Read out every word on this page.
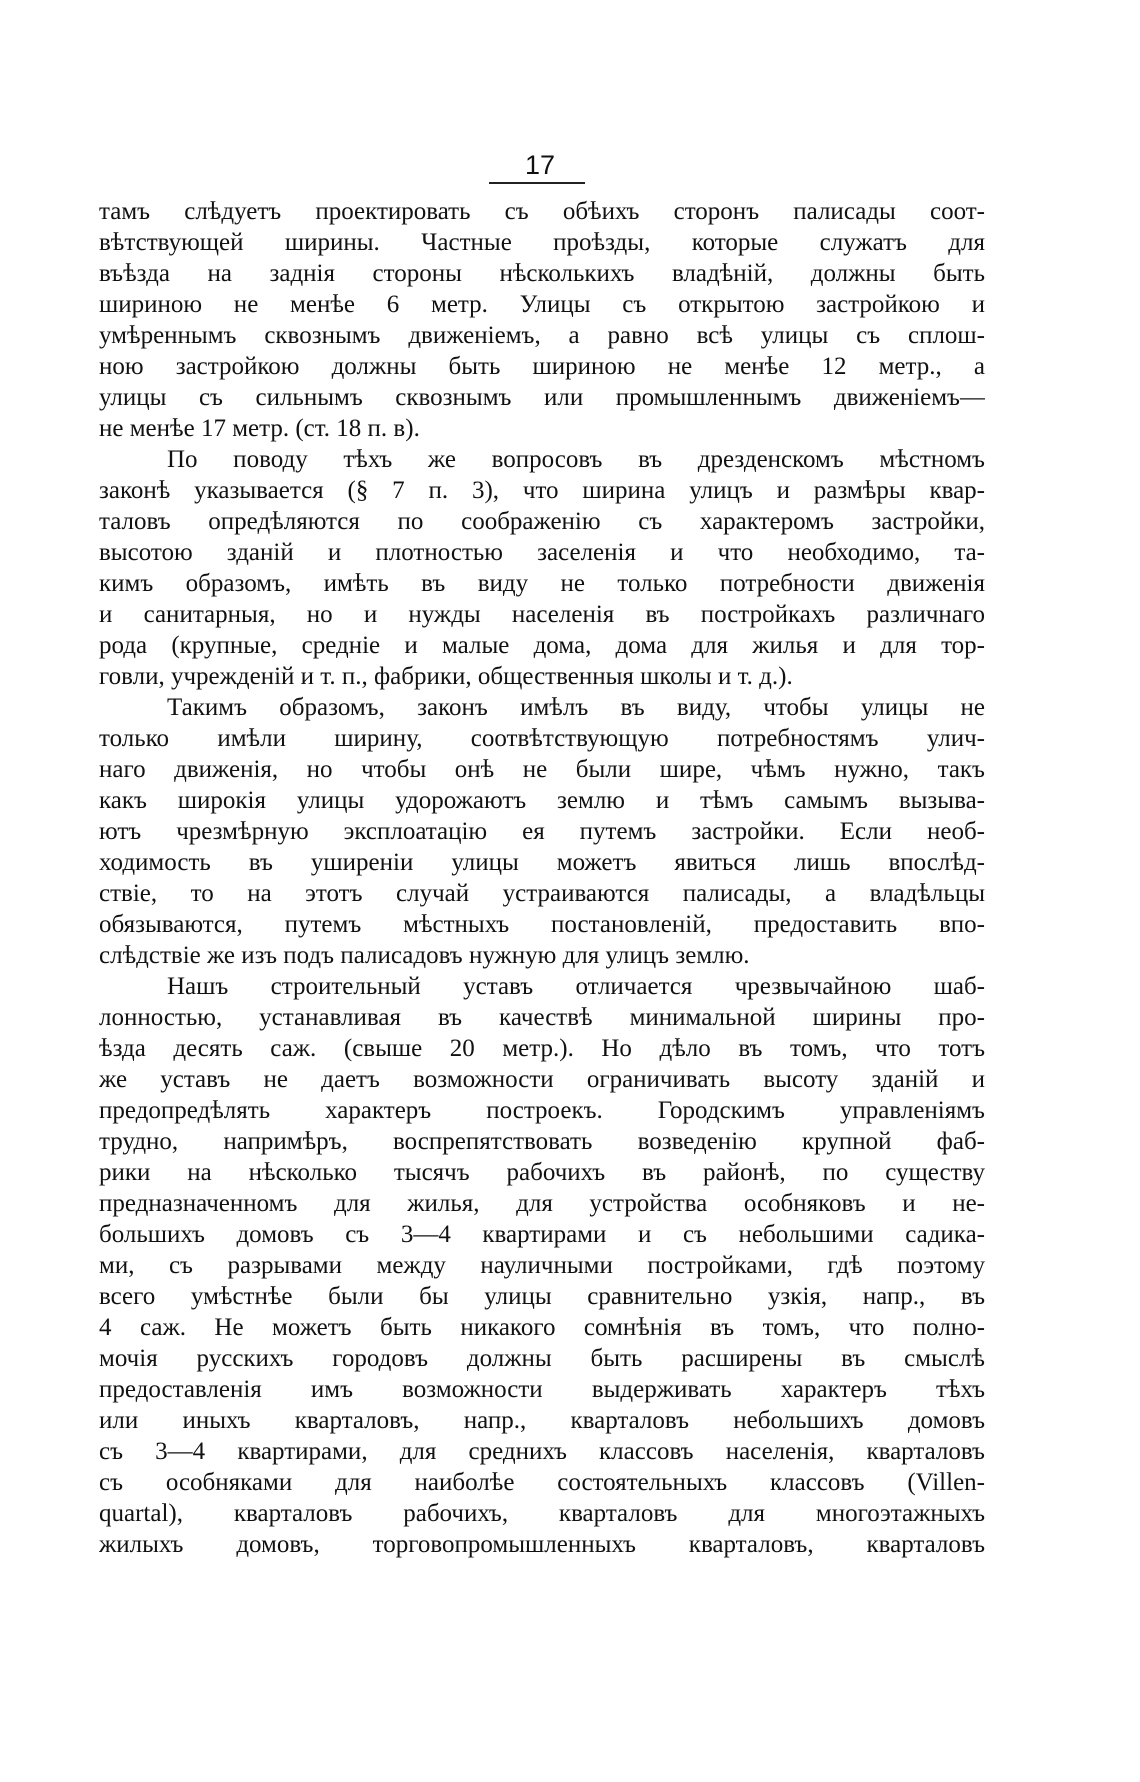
17
тамъ слѣдуетъ проектировать съ обѣихъ сторонъ палисады соот-
вѣтствующей ширины. Частные проѣзды, которые служатъ для
въѣзда на заднія стороны нѣсколькихъ владѣній, должны быть
шириною не менѣе 6 метр. Улицы съ открытою застройкою и
умѣреннымъ сквознымъ движеніемъ, а равно всѣ улицы съ сплош-
ною застройкою должны быть шириною не менѣе 12 метр., а
улицы съ сильнымъ сквознымъ или промышленнымъ движеніемъ—
не менѣе 17 метр. (ст. 18 п. в).
По поводу тѣхъ же вопросовъ въ дрезденскомъ мѣстномъ
законѣ указывается (§ 7 п. 3), что ширина улицъ и размѣры квар-
таловъ опредѣляются по соображенію съ характеромъ застройки,
высотою зданій и плотностью заселенія и что необходимо, та-
кимъ образомъ, имѣть въ виду не только потребности движенія
и санитарныя, но и нужды населенія въ постройкахъ различнаго
рода (крупные, средніе и малые дома, дома для жилья и для тор-
говли, учрежденій и т. п., фабрики, общественныя школы и т. д.).
Такимъ образомъ, законъ имѣлъ въ виду, чтобы улицы не
только имѣли ширину, соотвѣтствующую потребностямъ улич-
наго движенія, но чтобы онѣ не были шире, чѣмъ нужно, такъ
какъ широкія улицы удорожаютъ землю и тѣмъ самымъ вызыва-
ютъ чрезмѣрную эксплоатацію ея путемъ застройки. Если необ-
ходимость въ уширеніи улицы можетъ явиться лишь впослѣд-
ствіе, то на этотъ случай устраиваются палисады, а владѣльцы
обязываются, путемъ мѣстныхъ постановленій, предоставить впо-
слѣдствіе же изъ подъ палисадовъ нужную для улицъ землю.
Нашъ строительный уставъ отличается чрезвычайною шаб-
лонностью, устанавливая въ качествѣ минимальной ширины про-
ѣзда десять саж. (свыше 20 метр.). Но дѣло въ томъ, что тотъ
же уставъ не даетъ возможности ограничивать высоту зданій и
предопредѣлять характеръ построекъ. Городскимъ управленіямъ
трудно, напримѣръ, воспрепятствовать возведенію крупной фаб-
рики на нѣсколько тысячъ рабочихъ въ районѣ, по существу
предназначенномъ для жилья, для устройства особняковъ и не-
большихъ домовъ съ 3—4 квартирами и съ небольшими садика-
ми, съ разрывами между науличными постройками, гдѣ поэтому
всего умѣстнѣе были бы улицы сравнительно узкія, напр., въ
4 саж. Не можетъ быть никакого сомнѣнія въ томъ, что полно-
мочія русскихъ городовъ должны быть расширены въ смыслѣ
предоставленія имъ возможности выдерживать характеръ тѣхъ
или иныхъ кварталовъ, напр., кварталовъ небольшихъ домовъ
съ 3—4 квартирами, для среднихъ классовъ населенія, кварталовъ
съ особняками для наиболѣе состоятельныхъ классовъ (Villen-
quartal), кварталовъ рабочихъ, кварталовъ для многоэтажныхъ
жилыхъ домовъ, торговопромышленныхъ кварталовъ, кварталовъ
